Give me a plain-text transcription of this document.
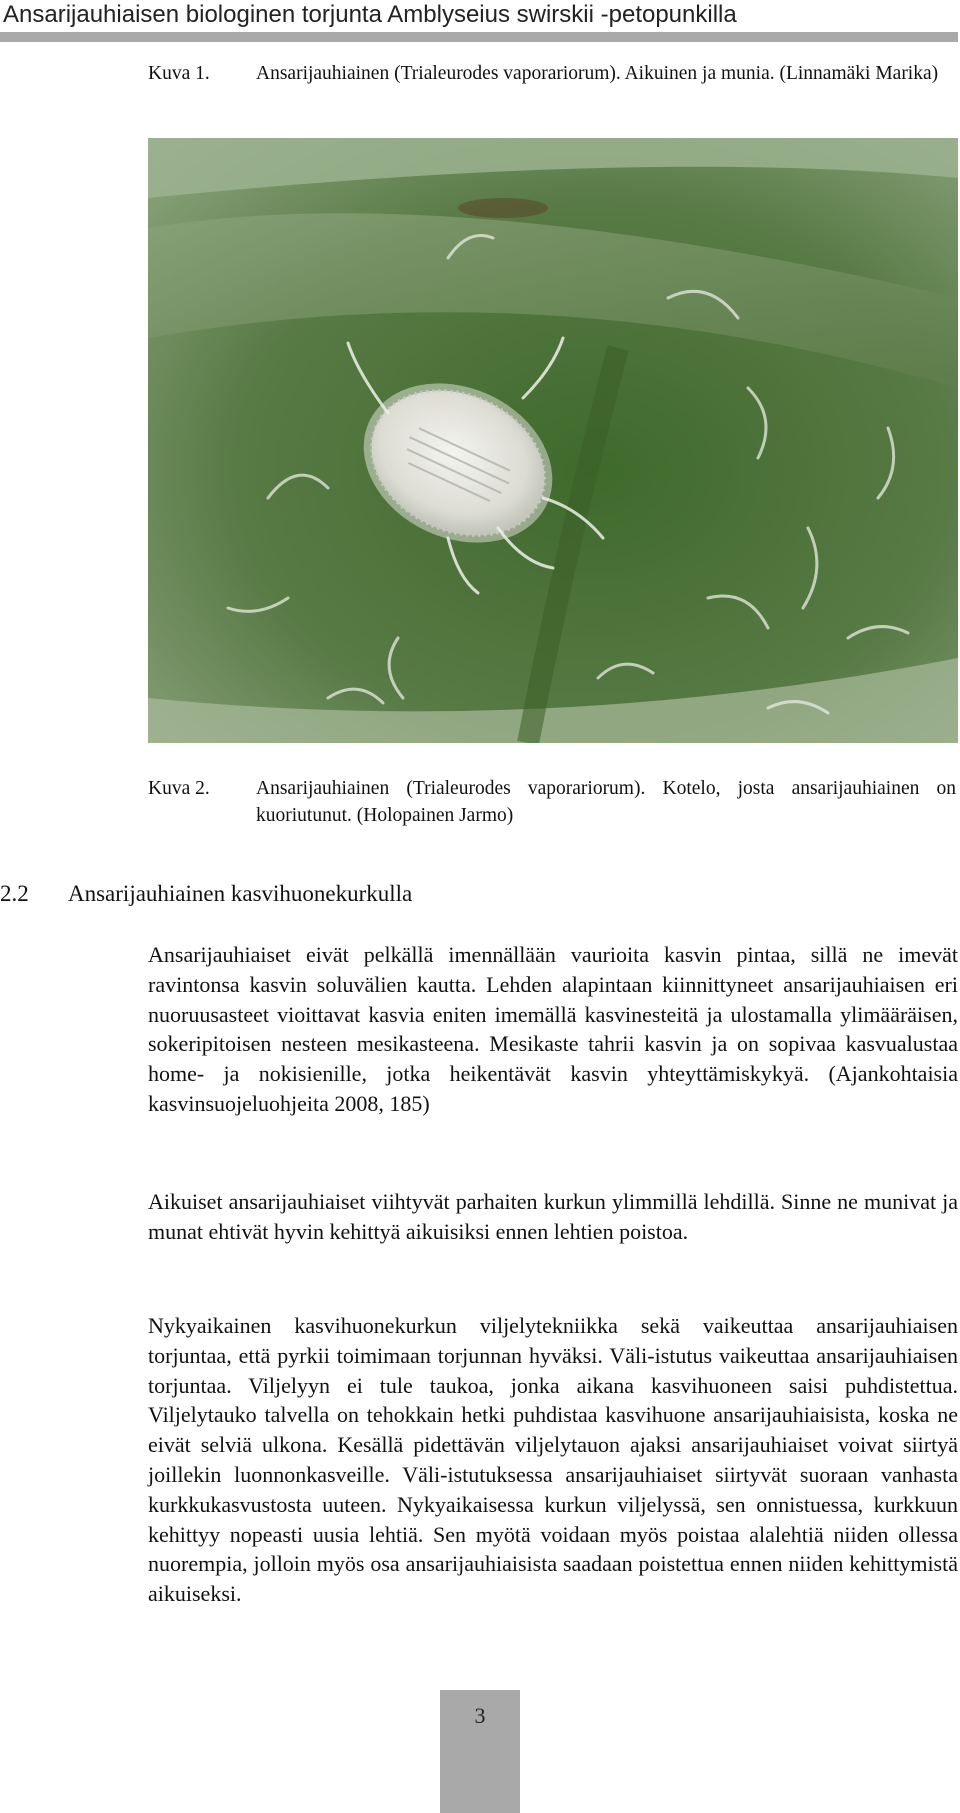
Ansarijauhiaisen biologinen torjunta Amblyseius swirskii -petopunkilla
Kuva 1. Ansarijauhiainen (Trialeurodes vaporariorum). Aikuinen ja munia. (Linnamäki Marika)
Kuva 2. Ansarijauhiainen (Trialeurodes vaporariorum). Kotelo, josta ansarijauhiainen on kuoriutunut. (Holopainen Jarmo)
2.2 Ansarijauhiainen kasvihuonekurkulla

Ansarijauhiaiset eivät pelkällä imennällään vaurioita kasvin pintaa, sillä ne imevät ravintonsa kasvin soluvälien kautta. Lehden alapintaan kiinnittyneet ansarijauhiaisen eri nuoruusasteet vioittavat kasvia eniten imemällä kasvinesteitä ja ulostamalla ylimääräisen, sokeripitoisen nesteen mesikasteena. Mesikaste tahrii kasvin ja on sopivaa kasvualustaa home- ja nokisienille, jotka heikentävät kasvin yhteyttämiskykyä. (Ajankohtaisia kasvinsuojeluohjeita 2008, 185)

Aikuiset ansarijauhiaiset viihtyvät parhaiten kurkun ylimmillä lehdillä. Sinne ne munivat ja munat ehtivät hyvin kehittyä aikuisiksi ennen lehtien poistoa.

Nykyaikainen kasvihuonekurkun viljelytekniikka sekä vaikeuttaa ansarijauhiaisen torjuntaa, että pyrkii toimimaan torjunnan hyväksi. Väli-istutus vaikeuttaa ansarijauhiaisen torjuntaa. Viljelyyn ei tule taukoa, jonka aikana kasvihuoneen saisi puhdistettua. Viljelytauko talvella on tehokkain hetki puhdistaa kasvihuone ansarijauhiaisista, koska ne eivät selviä ulkona. Kesällä pidettävän viljelytauon ajaksi ansarijauhiaiset voivat siirtyä joillekin luonnonkasveille. Väli-istutuksessa ansarijauhiaiset siirtyvät suoraan vanhasta kurkkukasvustosta uuteen. Nykyaikaisessa kurkun viljelyssä, sen onnistuessa, kurkkuun kehittyy nopeasti uusia lehtiä. Sen myötä voidaan myös poistaa alalehtiä niiden ollessa nuorempia, jolloin myös osa ansarijauhiaisista saadaan poistettua ennen niiden kehittymistä aikuiseksi.

3
